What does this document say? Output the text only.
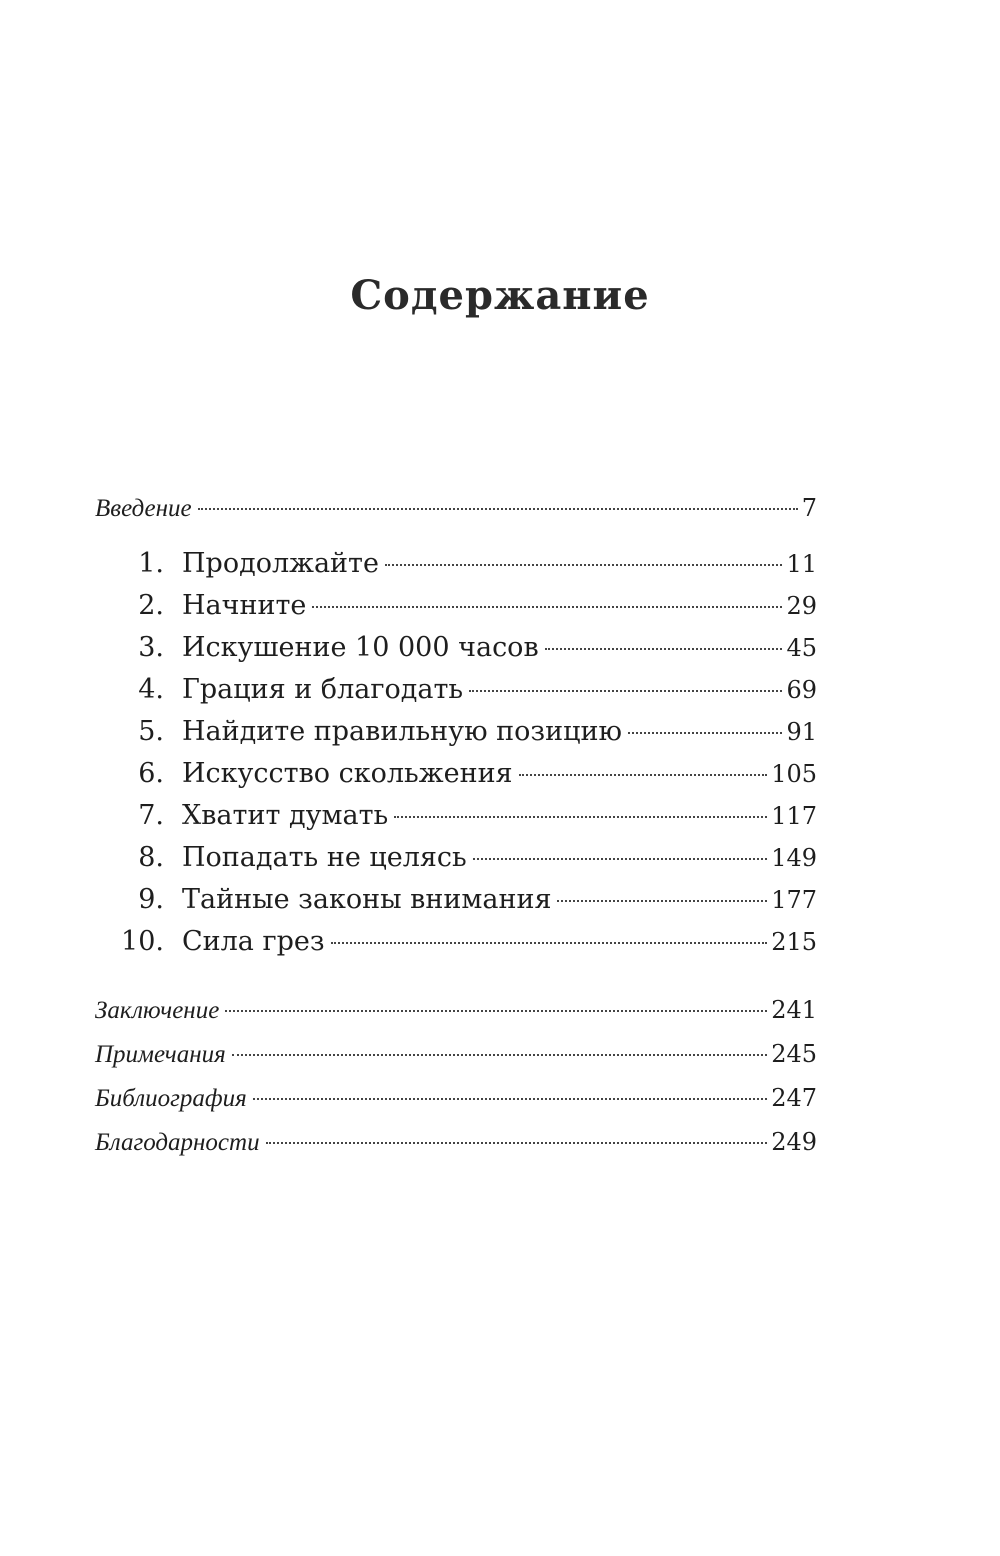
Содержание
Введение	7
1. Продолжайте	11
2. Начните	29
3. Искушение 10 000 часов	45
4. Грация и благодать	69
5. Найдите правильную позицию	91
6. Искусство скольжения	105
7. Хватит думать	117
8. Попадать не целясь	149
9. Тайные законы внимания	177
10. Сила грез	215
Заключение	241
Примечания	245
Библиография	247
Благодарности	249
